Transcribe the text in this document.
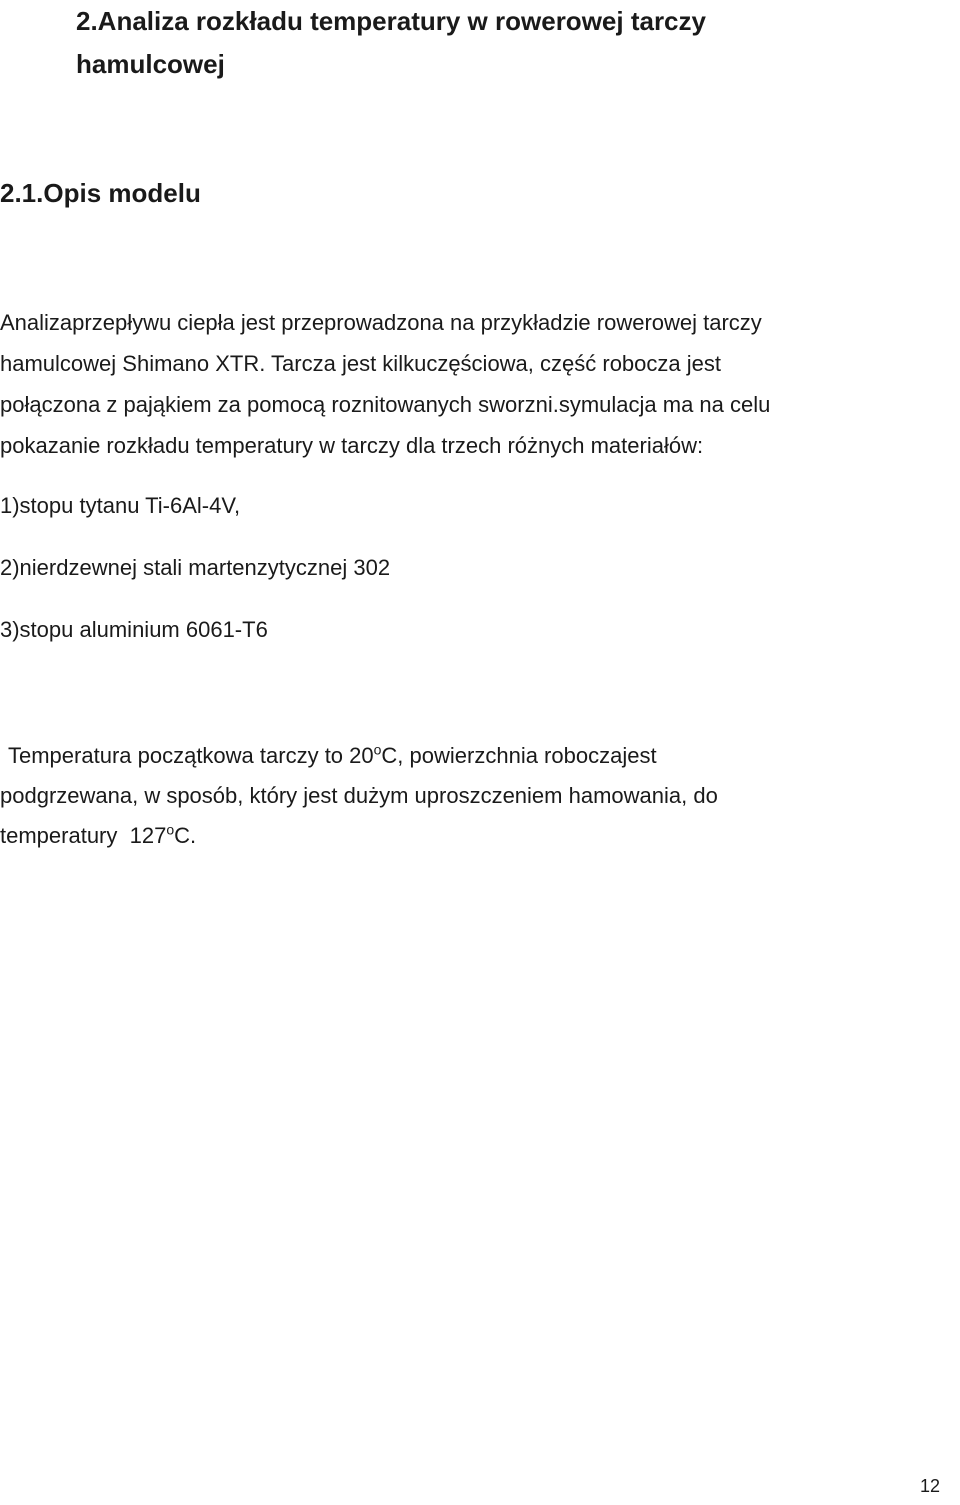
2.Analiza rozkładu temperatury w rowerowej tarczy
hamulcowej
2.1.Opis modelu
Analizaprzepływu ciepła jest przeprowadzona na przykładzie rowerowej tarczy
hamulcowej Shimano XTR. Tarcza jest kilkuczęściowa, część robocza jest
połączona z pająkiem za pomocą roznitowanych sworzni.symulacja ma na celu
pokazanie rozkładu temperatury w tarczy dla trzech różnych materiałów:
1)stopu tytanu Ti-6Al-4V,
2)nierdzewnej stali martenzytycznej 302
3)stopu aluminium 6061-T6
Temperatura początkowa tarczy to 20$^o$C, powierzchnia roboczajest
podgrzewana, w sposób, który jest dużym uproszczeniem hamowania, do
temperatury  127$^o$C.
12
